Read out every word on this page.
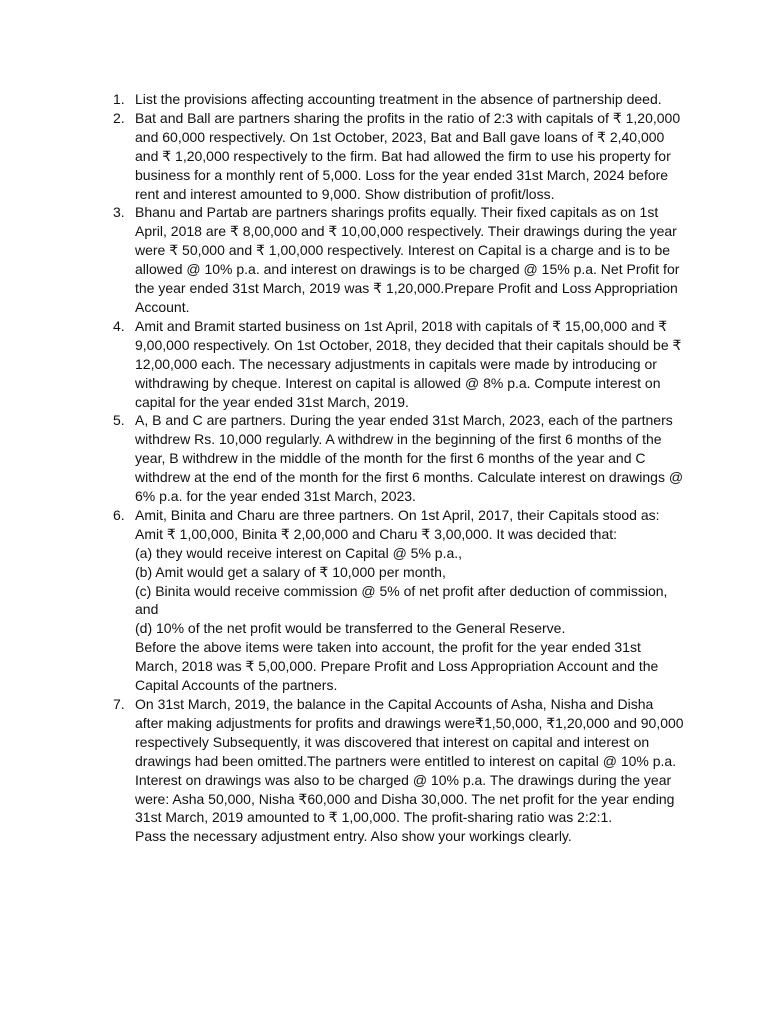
1. List the provisions affecting accounting treatment in the absence of partnership deed.
2. Bat and Ball are partners sharing the profits in the ratio of 2:3 with capitals of ₹ 1,20,000
and 60,000 respectively. On 1st October, 2023, Bat and Ball gave loans of ₹ 2,40,000
and ₹ 1,20,000 respectively to the firm. Bat had allowed the firm to use his property for
business for a monthly rent of 5,000. Loss for the year ended 31st March, 2024 before
rent and interest amounted to 9,000. Show distribution of profit/loss.
3. Bhanu and Partab are partners sharings profits equally. Their fixed capitals as on 1st
April, 2018 are ₹ 8,00,000 and ₹ 10,00,000 respectively. Their drawings during the year
were ₹ 50,000 and ₹ 1,00,000 respectively. Interest on Capital is a charge and is to be
allowed @ 10% p.a. and interest on drawings is to be charged @ 15% p.a. Net Profit for
the year ended 31st March, 2019 was ₹ 1,20,000.Prepare Profit and Loss Appropriation
Account.
4. Amit and Bramit started business on 1st April, 2018 with capitals of ₹ 15,00,000 and ₹
9,00,000 respectively. On 1st October, 2018, they decided that their capitals should be ₹
12,00,000 each. The necessary adjustments in capitals were made by introducing or
withdrawing by cheque. Interest on capital is allowed @ 8% p.a. Compute interest on
capital for the year ended 31st March, 2019.
5. A, B and C are partners. During the year ended 31st March, 2023, each of the partners
withdrew Rs. 10,000 regularly. A withdrew in the beginning of the first 6 months of the
year, B withdrew in the middle of the month for the first 6 months of the year and C
withdrew at the end of the month for the first 6 months. Calculate interest on drawings @
6% p.a. for the year ended 31st March, 2023.
6. Amit, Binita and Charu are three partners. On 1st April, 2017, their Capitals stood as:
Amit ₹ 1,00,000, Binita ₹ 2,00,000 and Charu ₹ 3,00,000. It was decided that:
(a) they would receive interest on Capital @ 5% p.a.,
(b) Amit would get a salary of ₹ 10,000 per month,
(c) Binita would receive commission @ 5% of net profit after deduction of commission,
and
(d) 10% of the net profit would be transferred to the General Reserve.
Before the above items were taken into account, the profit for the year ended 31st
March, 2018 was ₹ 5,00,000. Prepare Profit and Loss Appropriation Account and the
Capital Accounts of the partners.
7. On 31st March, 2019, the balance in the Capital Accounts of Asha, Nisha and Disha
after making adjustments for profits and drawings were₹1,50,000, ₹1,20,000 and 90,000
respectively Subsequently, it was discovered that interest on capital and interest on
drawings had been omitted.The partners were entitled to interest on capital @ 10% p.a.
Interest on drawings was also to be charged @ 10% p.a. The drawings during the year
were: Asha 50,000, Nisha ₹60,000 and Disha 30,000. The net profit for the year ending
31st March, 2019 amounted to ₹ 1,00,000. The profit-sharing ratio was 2:2:1.
Pass the necessary adjustment entry. Also show your workings clearly.
